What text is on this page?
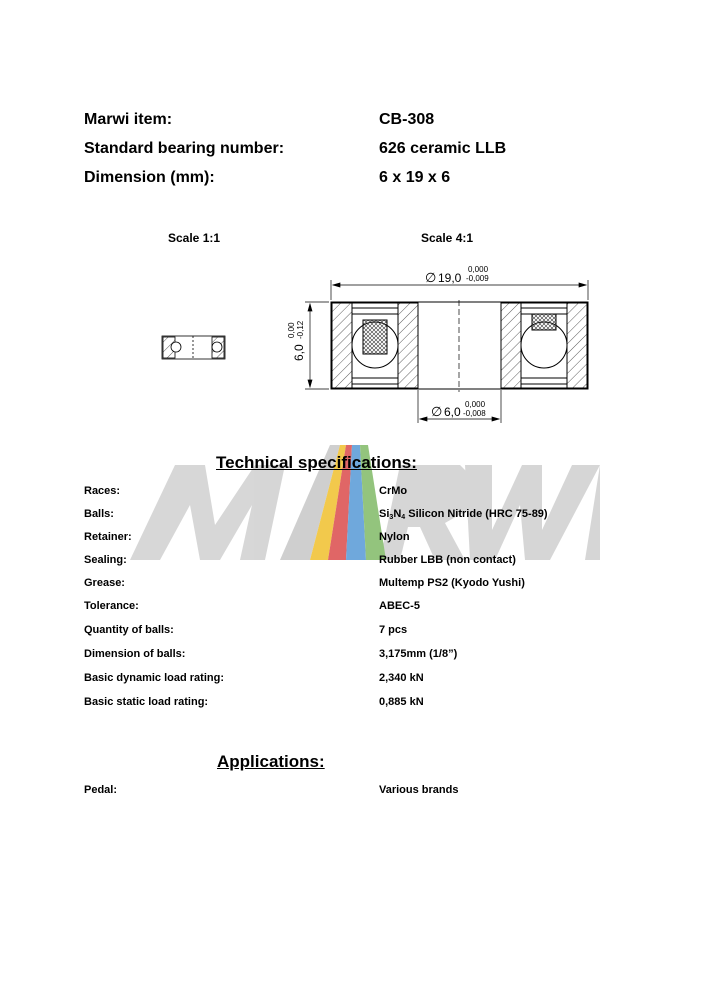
Marwi item:	CB-308
Standard bearing number:	626 ceramic LLB
Dimension (mm):	6 x 19 x 6
Scale 1:1	Scale 4:1
∅ 19,0
0,000
-0,009
∅ 6,0
0,000
-0,008
6,0
0,00 -0,12
Technical specifications:
Races:	CrMo
Balls:	$Si_3N_4$ Silicon Nitride (HRC 75-89)
Retainer:	Nylon
Sealing:	Rubber LBB (non contact)
Grease:	Multemp PS2 (Kyodo Yushi)
Tolerance:	ABEC-5
Quantity of balls:	7 pcs
Dimension of balls:	3,175mm (1/8”)
Basic dynamic load rating:	2,340 kN
Basic static load rating:	0,885 kN
Applications:
Pedal:	Various brands
